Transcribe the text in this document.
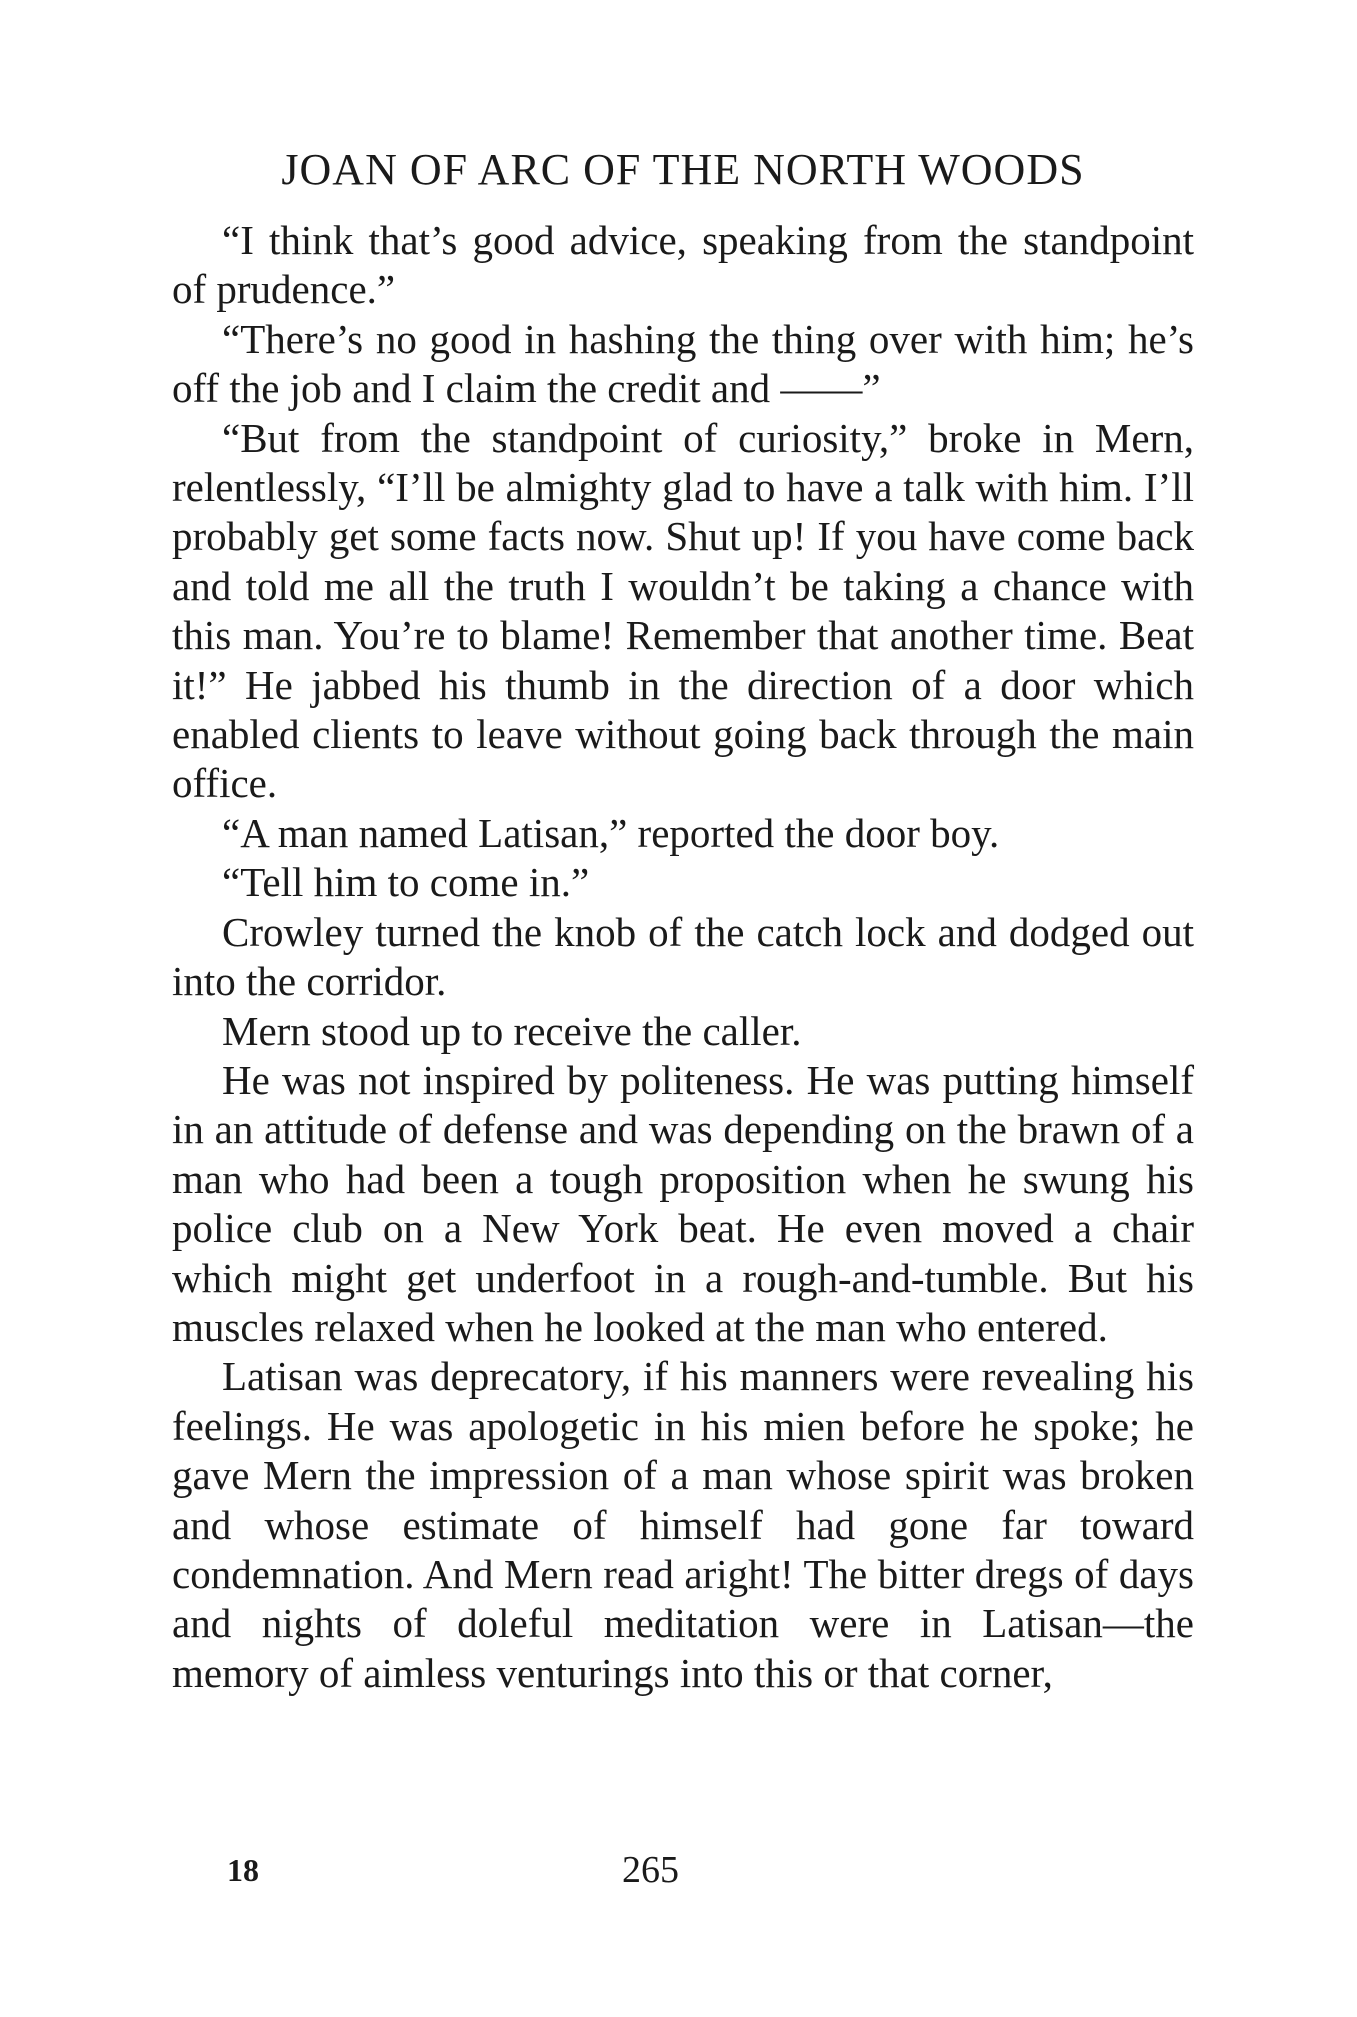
JOAN OF ARC OF THE NORTH WOODS

“I think that’s good advice, speaking from the standpoint of prudence.”

“There’s no good in hashing the thing over with him; he’s off the job and I claim the credit and ——”

“But from the standpoint of curiosity,” broke in Mern, relentlessly, “I’ll be almighty glad to have a talk with him. I’ll probably get some facts now. Shut up! If you have come back and told me all the truth I wouldn’t be taking a chance with this man. You’re to blame! Remember that another time. Beat it!” He jabbed his thumb in the direction of a door which enabled clients to leave without going back through the main office.

“A man named Latisan,” reported the door boy.

“Tell him to come in.”

Crowley turned the knob of the catch lock and dodged out into the corridor.

Mern stood up to receive the caller.

He was not inspired by politeness. He was putting himself in an attitude of defense and was depending on the brawn of a man who had been a tough proposition when he swung his police club on a New York beat. He even moved a chair which might get underfoot in a rough-and-tumble. But his muscles relaxed when he looked at the man who entered.

Latisan was deprecatory, if his manners were revealing his feelings. He was apologetic in his mien before he spoke; he gave Mern the impression of a man whose spirit was broken and whose estimate of himself had gone far toward condemnation. And Mern read aright! The bitter dregs of days and nights of doleful meditation were in Latisan—the memory of aimless venturings into this or that corner,

18	265
